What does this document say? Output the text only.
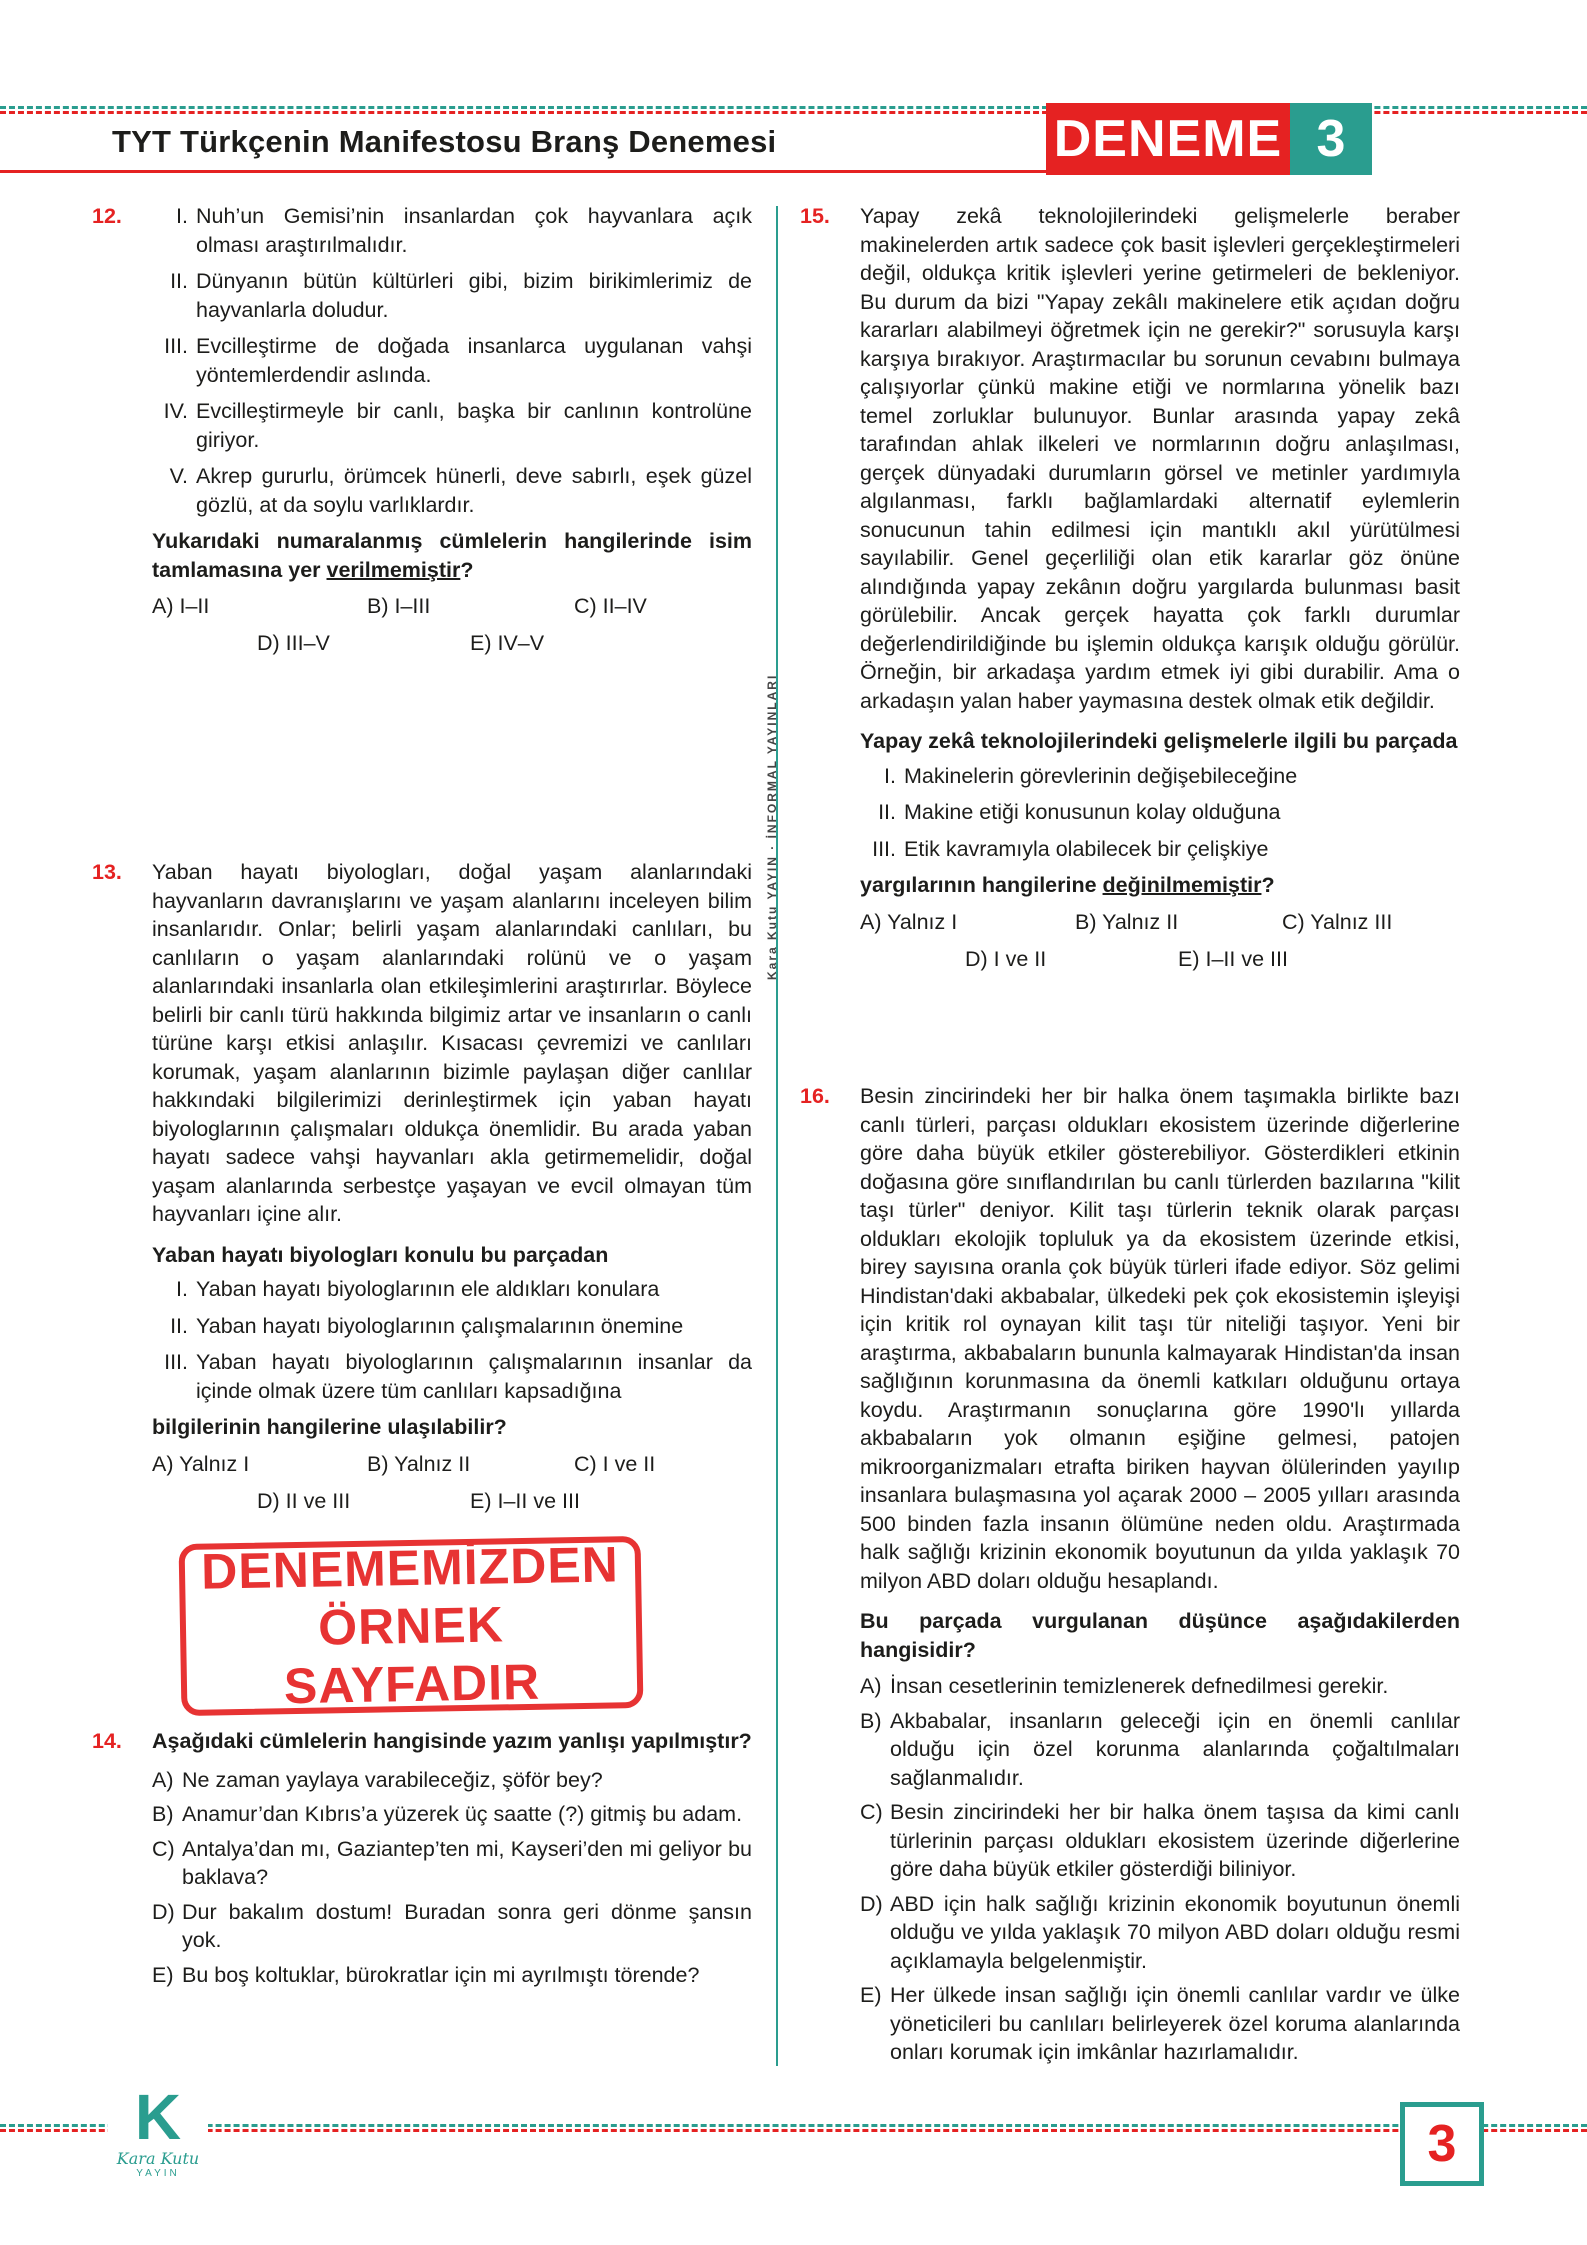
TYT Türkçenin Manifestosu Branş Denemesi	DENEME 3
Kara Kutu YAYIN · İNFORMAL YAYINLARI
12.	I. Nuh’un Gemisi’nin insanlardan çok hayvanlara açık olması araştırılmalıdır.
II. Dünyanın bütün kültürleri gibi, bizim birikimlerimiz de hayvanlarla doludur.
III. Evcilleştirme de doğada insanlarca uygulanan vahşi yöntemlerdendir aslında.
IV. Evcilleştirmeyle bir canlı, başka bir canlının kontrolüne giriyor.
V. Akrep gururlu, örümcek hünerli, deve sabırlı, eşek güzel gözlü, at da soylu varlıklardır.
Yukarıdaki numaralanmış cümlelerin hangilerinde isim tamlamasına yer verilmemiştir?
A) I–II	B) I–III	C) II–IV
D) III–V	E) IV–V
13.	Yaban hayatı biyologları, doğal yaşam alanlarındaki hayvanların davranışlarını ve yaşam alanlarını inceleyen bilim insanlarıdır. Onlar; belirli yaşam alanlarındaki canlıları, bu canlıların o yaşam alanlarındaki rolünü ve o yaşam alanlarındaki insanlarla olan etkileşimlerini araştırırlar. Böylece belirli bir canlı türü hakkında bilgimiz artar ve insanların o canlı türüne karşı etkisi anlaşılır. Kısacası çevremizi ve canlıları korumak, yaşam alanlarının bizimle paylaşan diğer canlılar hakkındaki bilgilerimizi derinleştirmek için yaban hayatı biyologlarının çalışmaları oldukça önemlidir. Bu arada yaban hayatı sadece vahşi hayvanları akla getirmemelidir, doğal yaşam alanlarında serbestçe yaşayan ve evcil olmayan tüm hayvanları içine alır.
Yaban hayatı biyologları konulu bu parçadan
I. Yaban hayatı biyologlarının ele aldıkları konulara
II. Yaban hayatı biyologlarının çalışmalarının önemine
III. Yaban hayatı biyologlarının çalışmalarının insanlar da içinde olmak üzere tüm canlıları kapsadığına
bilgilerinin hangilerine ulaşılabilir?
A) Yalnız I	B) Yalnız II	C) I ve II
D) II ve III	E) I–II ve III
DENEMEMİZDEN
ÖRNEK SAYFADIR
14.	Aşağıdaki cümlelerin hangisinde yazım yanlışı yapılmıştır?
A) Ne zaman yaylaya varabileceğiz, şöför bey?
B) Anamur’dan Kıbrıs’a yüzerek üç saatte (?) gitmiş bu adam.
C) Antalya’dan mı, Gaziantep’ten mi, Kayseri’den mi geliyor bu baklava?
D) Dur bakalım dostum! Buradan sonra geri dönme şansın yok.
E) Bu boş koltuklar, bürokratlar için mi ayrılmıştı törende?
15.	Yapay zekâ teknolojilerindeki gelişmelerle beraber makinelerden artık sadece çok basit işlevleri gerçekleştirmeleri değil, oldukça kritik işlevleri yerine getirmeleri de bekleniyor. Bu durum da bizi "Yapay zekâlı makinelere etik açıdan doğru kararları alabilmeyi öğretmek için ne gerekir?" sorusuyla karşı karşıya bırakıyor. Araştırmacılar bu sorunun cevabını bulmaya çalışıyorlar çünkü makine etiği ve normlarına yönelik bazı temel zorluklar bulunuyor. Bunlar arasında yapay zekâ tarafından ahlak ilkeleri ve normlarının doğru anlaşılması, gerçek dünyadaki durumların görsel ve metinler yardımıyla algılanması, farklı bağlamlardaki alternatif eylemlerin sonucunun tahin edilmesi için mantıklı akıl yürütülmesi sayılabilir. Genel geçerliliği olan etik kararlar göz önüne alındığında yapay zekânın doğru yargılarda bulunması basit görülebilir. Ancak gerçek hayatta çok farklı durumlar değerlendirildiğinde bu işlemin oldukça karışık olduğu görülür. Örneğin, bir arkadaşa yardım etmek iyi gibi durabilir. Ama o arkadaşın yalan haber yaymasına destek olmak etik değildir.
Yapay zekâ teknolojilerindeki gelişmelerle ilgili bu parçada
I. Makinelerin görevlerinin değişebileceğine
II. Makine etiği konusunun kolay olduğuna
III. Etik kavramıyla olabilecek bir çelişkiye
yargılarının hangilerine değinilmemiştir?
A) Yalnız I	B) Yalnız II	C) Yalnız III
D) I ve II	E) I–II ve III
16.	Besin zincirindeki her bir halka önem taşımakla birlikte bazı canlı türleri, parçası oldukları ekosistem üzerinde diğerlerine göre daha büyük etkiler gösterebiliyor. Gösterdikleri etkinin doğasına göre sınıflandırılan bu canlı türlerden bazılarına "kilit taşı türler" deniyor. Kilit taşı türlerin teknik olarak parçası oldukları ekolojik topluluk ya da ekosistem üzerinde etkisi, birey sayısına oranla çok büyük türleri ifade ediyor. Söz gelimi Hindistan'daki akbabalar, ülkedeki pek çok ekosistemin işleyişi için kritik rol oynayan kilit taşı tür niteliği taşıyor. Yeni bir araştırma, akbabaların bununla kalmayarak Hindistan'da insan sağlığının korunmasına da önemli katkıları olduğunu ortaya koydu. Araştırmanın sonuçlarına göre 1990'lı yıllarda akbabaların yok olmanın eşiğine gelmesi, patojen mikroorganizmaları etrafta biriken hayvan ölülerinden yayılıp insanlara bulaşmasına yol açarak 2000 – 2005 yılları arasında 500 binden fazla insanın ölümüne neden oldu. Araştırmada halk sağlığı krizinin ekonomik boyutunun da yılda yaklaşık 70 milyon ABD doları olduğu hesaplandı.
Bu parçada vurgulanan düşünce aşağıdakilerden hangisidir?
A) İnsan cesetlerinin temizlenerek defnedilmesi gerekir.
B) Akbabalar, insanların geleceği için en önemli canlılar olduğu için özel korunma alanlarında çoğaltılmaları sağlanmalıdır.
C) Besin zincirindeki her bir halka önem taşısa da kimi canlı türlerinin parçası oldukları ekosistem üzerinde diğerlerine göre daha büyük etkiler gösterdiği biliniyor.
D) ABD için halk sağlığı krizinin ekonomik boyutunun önemli olduğu ve yılda yaklaşık 70 milyon ABD doları olduğu resmi açıklamayla belgelenmiştir.
E) Her ülkede insan sağlığı için önemli canlılar vardır ve ülke yöneticileri bu canlıları belirleyerek özel koruma alanlarında onları korumak için imkânlar hazırlamalıdır.
K
Kara Kutu
YAYIN
3
